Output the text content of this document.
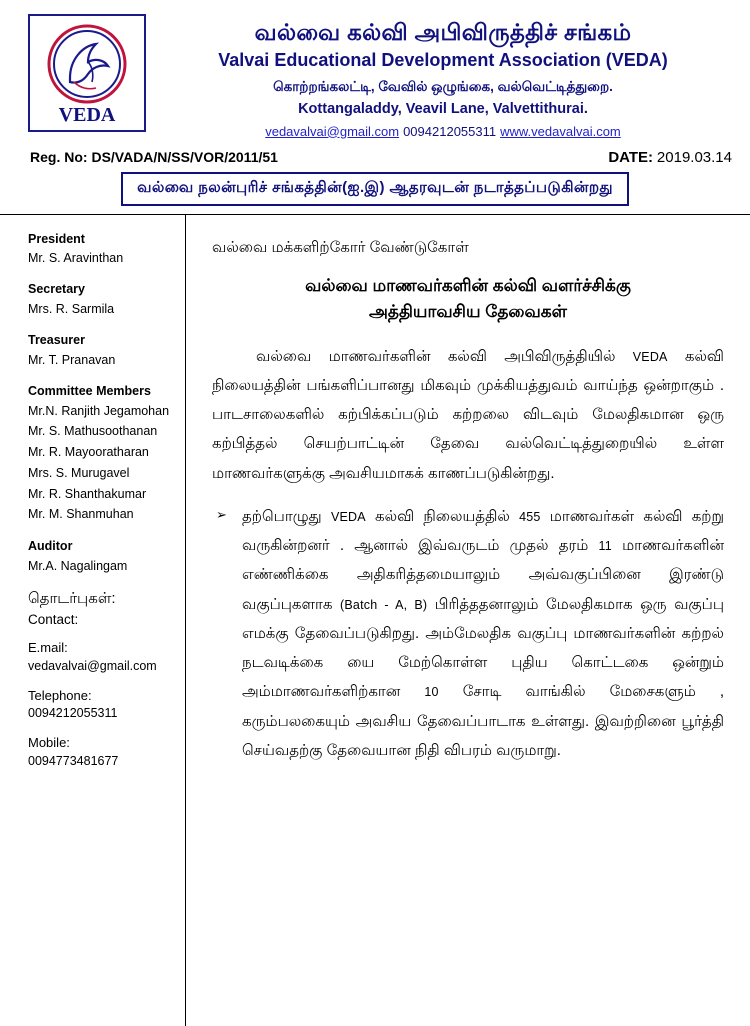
VEDA
வல்வை கல்வி அபிவிருத்திச் சங்கம்
Valvai Educational Development Association (VEDA)
கொற்றங்கலட்டி, வேவில் ஒழுங்கை, வல்வெட்டித்துறை.
Kottangaladdy, Veavil Lane, Valvettithurai.
vedavalvai@gmail.com 0094212055311 www.vedavalvai.com
Reg. No: DS/VADA/N/SS/VOR/2011/51	DATE: 2019.03.14
வல்வை நலன்புரிச் சங்கத்தின்(ஐ.இ) ஆதரவுடன் நடாத்தப்படுகின்றது
President
Mr. S. Aravinthan
Secretary
Mrs. R. Sarmila
Treasurer
Mr. T. Pranavan
Committee Members
Mr.N. Ranjith Jegamohan
Mr. S. Mathusoothanan
Mr. R. Mayooratharan
Mrs. S. Murugavel
Mr. R. Shanthakumar
Mr. M. Shanmuhan
Auditor
Mr.A. Nagalingam
தொடர்புகள்:
Contact:
E.mail:
vedavalvai@gmail.com
Telephone:
0094212055311
Mobile:
0094773481677

வல்வை மக்களிற்கோர் வேண்டுகோள்

வல்வை மாணவர்களின் கல்வி வளர்ச்சிக்கு
அத்தியாவசிய தேவைகள்

வல்வை மாணவர்களின் கல்வி அபிவிருத்தியில் VEDA கல்வி நிலையத்தின் பங்களிப்பானது மிகவும் முக்கியத்துவம் வாய்ந்த ஒன்றாகும் . பாடசாலைகளில் கற்பிக்கப்படும் கற்றலை விடவும் மேலதிகமான ஒரு கற்பித்தல் செயற்பாட்டின் தேவை வல்வெட்டித்துறையில் உள்ள மாணவர்களுக்கு அவசியமாகக் காணப்படுகின்றது.

➢	தற்பொழுது VEDA கல்வி நிலையத்தில் 455 மாணவர்கள் கல்வி கற்று வருகின்றனர் . ஆனால் இவ்வருடம் முதல் தரம் 11 மாணவர்களின் எண்ணிக்கை அதிகரித்தமையாலும் அவ்வகுப்பினை இரண்டு வகுப்புகளாக (Batch - A, B) பிரித்ததனாலும் மேலதிகமாக ஒரு வகுப்பு எமக்கு தேவைப்படுகிறது. அம்மேலதிக வகுப்பு மாணவர்களின் கற்றல் நடவடிக்கை யை மேற்கொள்ள புதிய கொட்டகை ஒன்றும் அம்மாணவர்களிற்கான 10 சோடி வாங்கில் மேசைகளும் , கரும்பலகையும் அவசிய தேவைப்பாடாக உள்ளது. இவற்றினை பூர்த்தி செய்வதற்கு தேவையான நிதி விபரம் வருமாறு.
